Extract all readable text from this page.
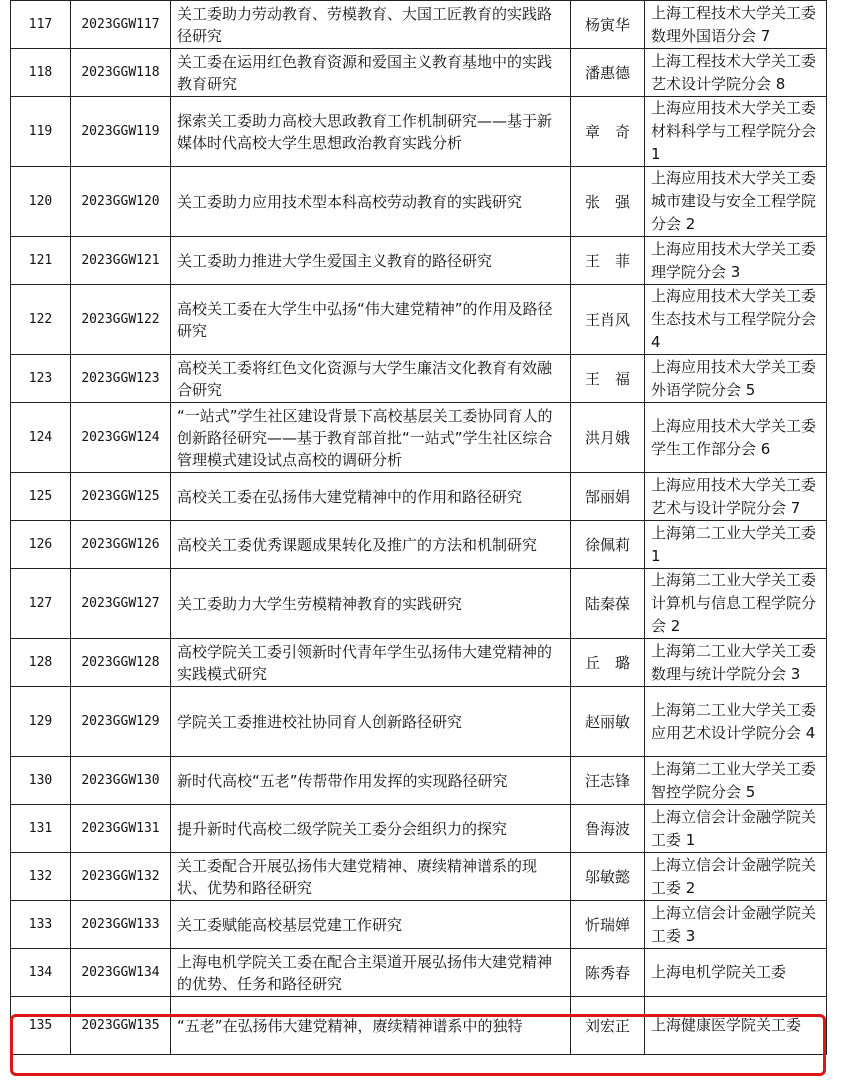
117	2023GGW117	关工委助力劳动教育、劳模教育、大国工匠教育的实践路径研究	杨寅华	上海工程技术大学关工委数理外国语分会 7
118	2023GGW118	关工委在运用红色教育资源和爱国主义教育基地中的实践教育研究	潘惠德	上海工程技术大学关工委艺术设计学院分会 8
119	2023GGW119	探索关工委助力高校大思政教育工作机制研究——基于新媒体时代高校大学生思想政治教育实践分析	章　奇	上海应用技术大学关工委材料科学与工程学院分会 1
120	2023GGW120	关工委助力应用技术型本科高校劳动教育的实践研究	张　强	上海应用技术大学关工委城市建设与安全工程学院分会 2
121	2023GGW121	关工委助力推进大学生爱国主义教育的路径研究	王　菲	上海应用技术大学关工委理学院分会 3
122	2023GGW122	高校关工委在大学生中弘扬“伟大建党精神”的作用及路径研究	王肖风	上海应用技术大学关工委生态技术与工程学院分会 4
123	2023GGW123	高校关工委将红色文化资源与大学生廉洁文化教育有效融合研究	王　福	上海应用技术大学关工委外语学院分会 5
124	2023GGW124	“一站式”学生社区建设背景下高校基层关工委协同育人的创新路径研究——基于教育部首批“一站式”学生社区综合管理模式建设试点高校的调研分析	洪月娥	上海应用技术大学关工委学生工作部分会 6
125	2023GGW125	高校关工委在弘扬伟大建党精神中的作用和路径研究	郜丽娟	上海应用技术大学关工委艺术与设计学院分会 7
126	2023GGW126	高校关工委优秀课题成果转化及推广的方法和机制研究	徐佩莉	上海第二工业大学关工委 1
127	2023GGW127	关工委助力大学生劳模精神教育的实践研究	陆秦葆	上海第二工业大学关工委计算机与信息工程学院分会 2
128	2023GGW128	高校学院关工委引领新时代青年学生弘扬伟大建党精神的实践模式研究	丘　璐	上海第二工业大学关工委数理与统计学院分会 3
129	2023GGW129	学院关工委推进校社协同育人创新路径研究	赵丽敏	上海第二工业大学关工委应用艺术设计学院分会 4
130	2023GGW130	新时代高校“五老”传帮带作用发挥的实现路径研究	汪志锋	上海第二工业大学关工委智控学院分会 5
131	2023GGW131	提升新时代高校二级学院关工委分会组织力的探究	鲁海波	上海立信会计金融学院关工委 1
132	2023GGW132	关工委配合开展弘扬伟大建党精神、赓续精神谱系的现状、优势和路径研究	邬敏懿	上海立信会计金融学院关工委 2
133	2023GGW133	关工委赋能高校基层党建工作研究	忻瑞婵	上海立信会计金融学院关工委 3
134	2023GGW134	上海电机学院关工委在配合主渠道开展弘扬伟大建党精神的优势、任务和路径研究	陈秀春	上海电机学院关工委
135	2023GGW135	“五老”在弘扬伟大建党精神，赓续精神谱系中的独特	刘宏正	上海健康医学院关工委
